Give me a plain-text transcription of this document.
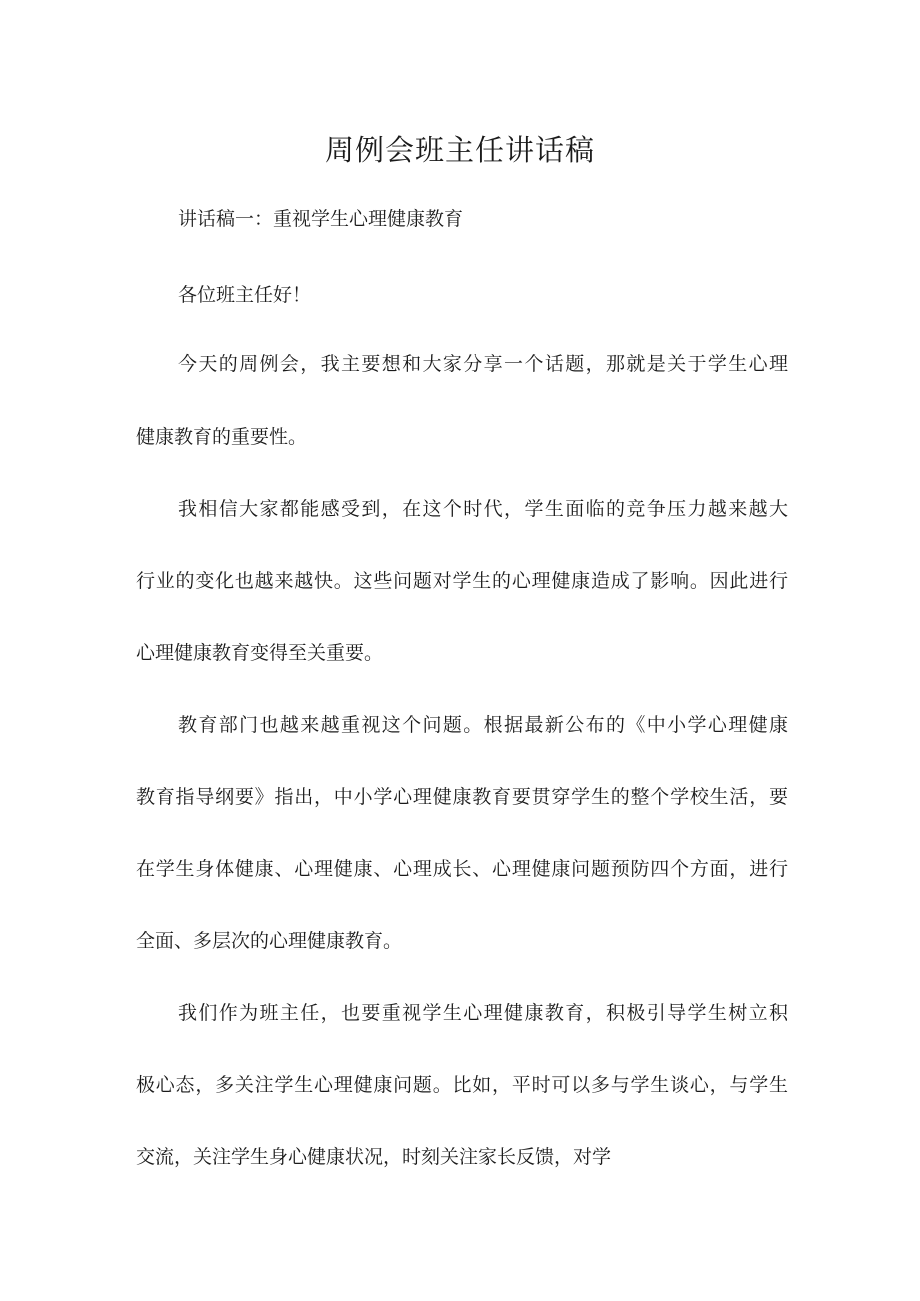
周例会班主任讲话稿

讲话稿一：重视学生心理健康教育

各位班主任好！

今天的周例会，我主要想和大家分享一个话题，那就是关于学生心理

健康教育的重要性。

我相信大家都能感受到，在这个时代，学生面临的竞争压力越来越大

行业的变化也越来越快。这些问题对学生的心理健康造成了影响。因此进行

心理健康教育变得至关重要。

教育部门也越来越重视这个问题。根据最新公布的《中小学心理健康

教育指导纲要》指出，中小学心理健康教育要贯穿学生的整个学校生活，要

在学生身体健康、心理健康、心理成长、心理健康问题预防四个方面，进行

全面、多层次的心理健康教育。

我们作为班主任，也要重视学生心理健康教育，积极引导学生树立积

极心态，多关注学生心理健康问题。比如，平时可以多与学生谈心，与学生

交流，关注学生身心健康状况，时刻关注家长反馈，对学
